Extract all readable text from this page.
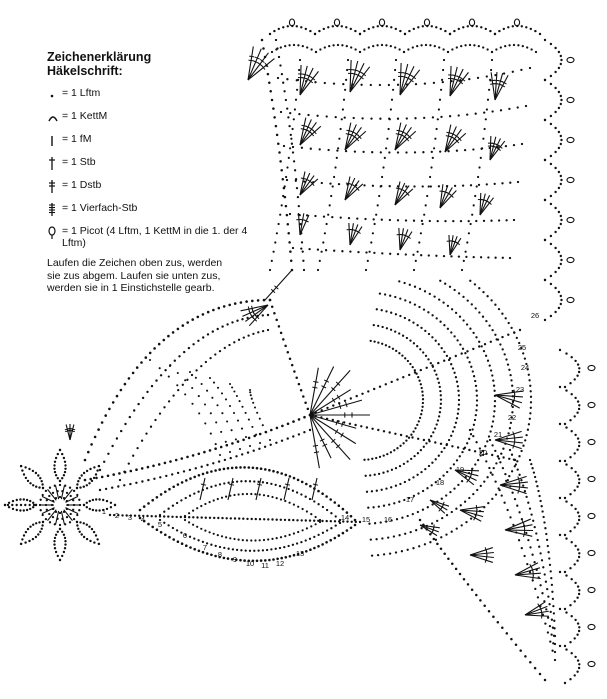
1 2 3 4
5
6
7
8
9 10 11 12
13
14 15 16
17
18
19
20
21
22
23
24
25
26
Zeichenerklärung
Häkelschrift:
= 1 Lftm
= 1 KettM
= 1 fM
= 1 Stb
= 1 Dstb
= 1 Vierfach-Stb
= 1 Picot (4 Lftm, 1 KettM in die 1. der 4 Lftm)
Laufen die Zeichen oben zus, werden sie zus abgem. Laufen sie unten zus, werden sie in 1 Einstichstelle gearb.
